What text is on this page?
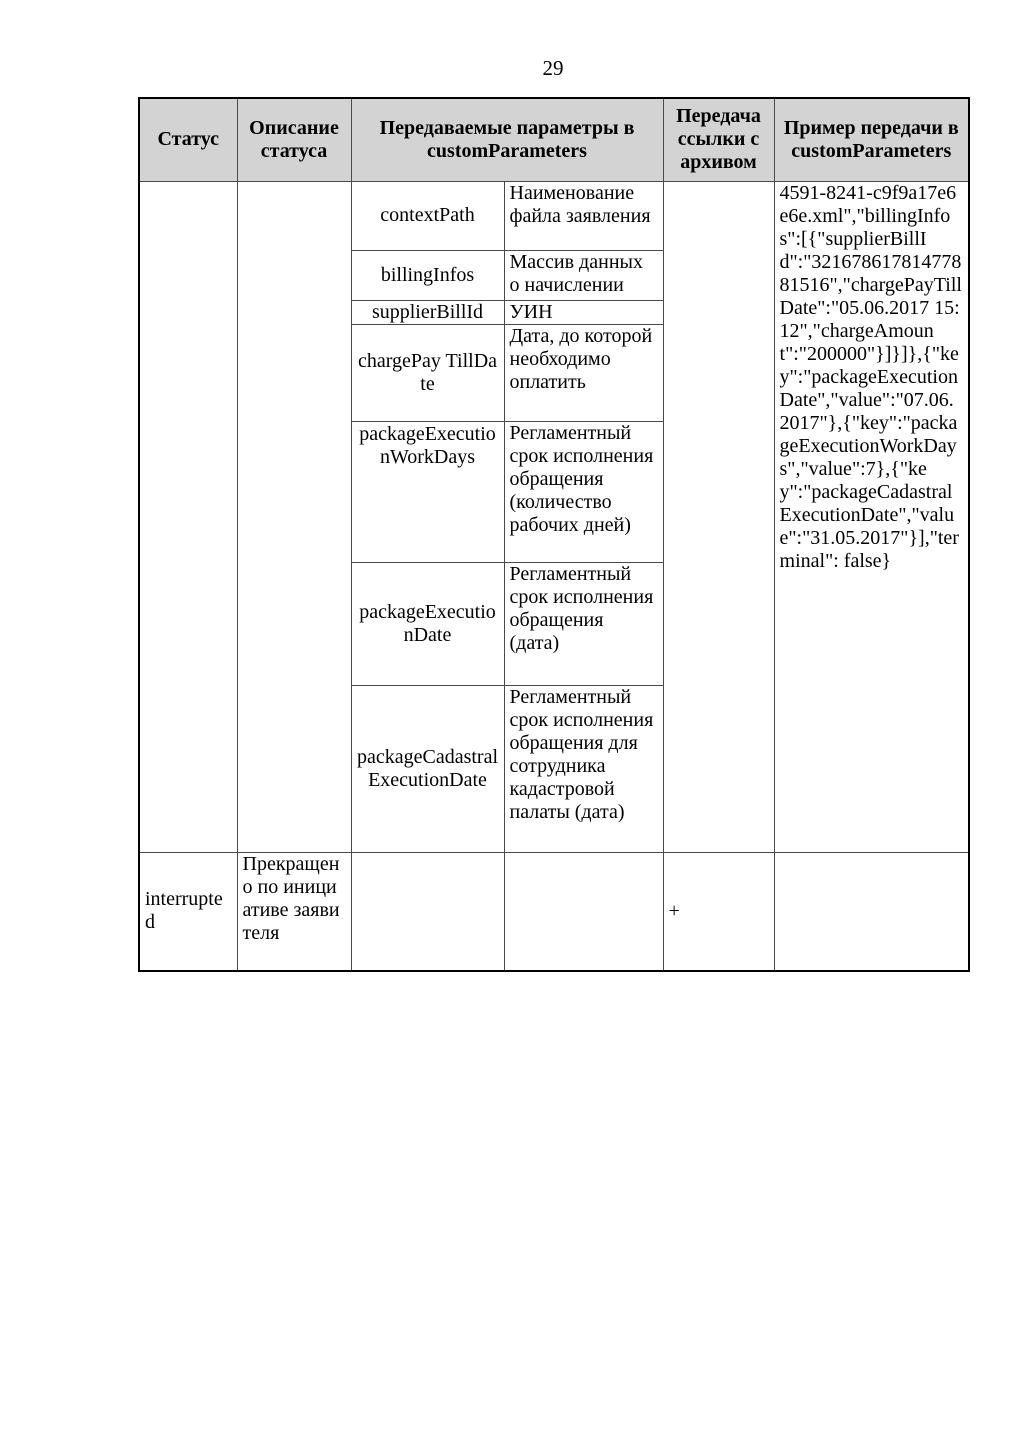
29
Статус	Описание статуса	Передаваемые параметры в customParameters		Передача ссылки с архивом	Пример передачи в customParameters
		contextPath	Наименование файла заявления		4591-8241-c9f9a17e6e6e.xml","billingInfos":[{"supplierBillId":"32167861781477881516","chargePayTillDate":"05.06.2017 15:12","chargeAmount":"200000"}]}]},{"key":"packageExecutionDate","value":"07.06.2017"},{"key":"packageExecutionWorkDays","value":7},{"key":"packageCadastralExecutionDate","value":"31.05.2017"}],"terminal": false}
		billingInfos	Массив данных о начислении		
		supplierBillId	УИН		
		chargePay TillDate	Дата, до которой необходимо оплатить		
		packageExecutionWorkDays	Регламентный срок исполнения обращения (количество рабочих дней)		
		packageExecutionDate	Регламентный срок исполнения обращения (дата)		
		packageCadastralExecutionDate	Регламентный срок исполнения обращения для сотрудника кадастровой палаты (дата)		
interrupted	Прекращено по инициативе заявителя			+	
